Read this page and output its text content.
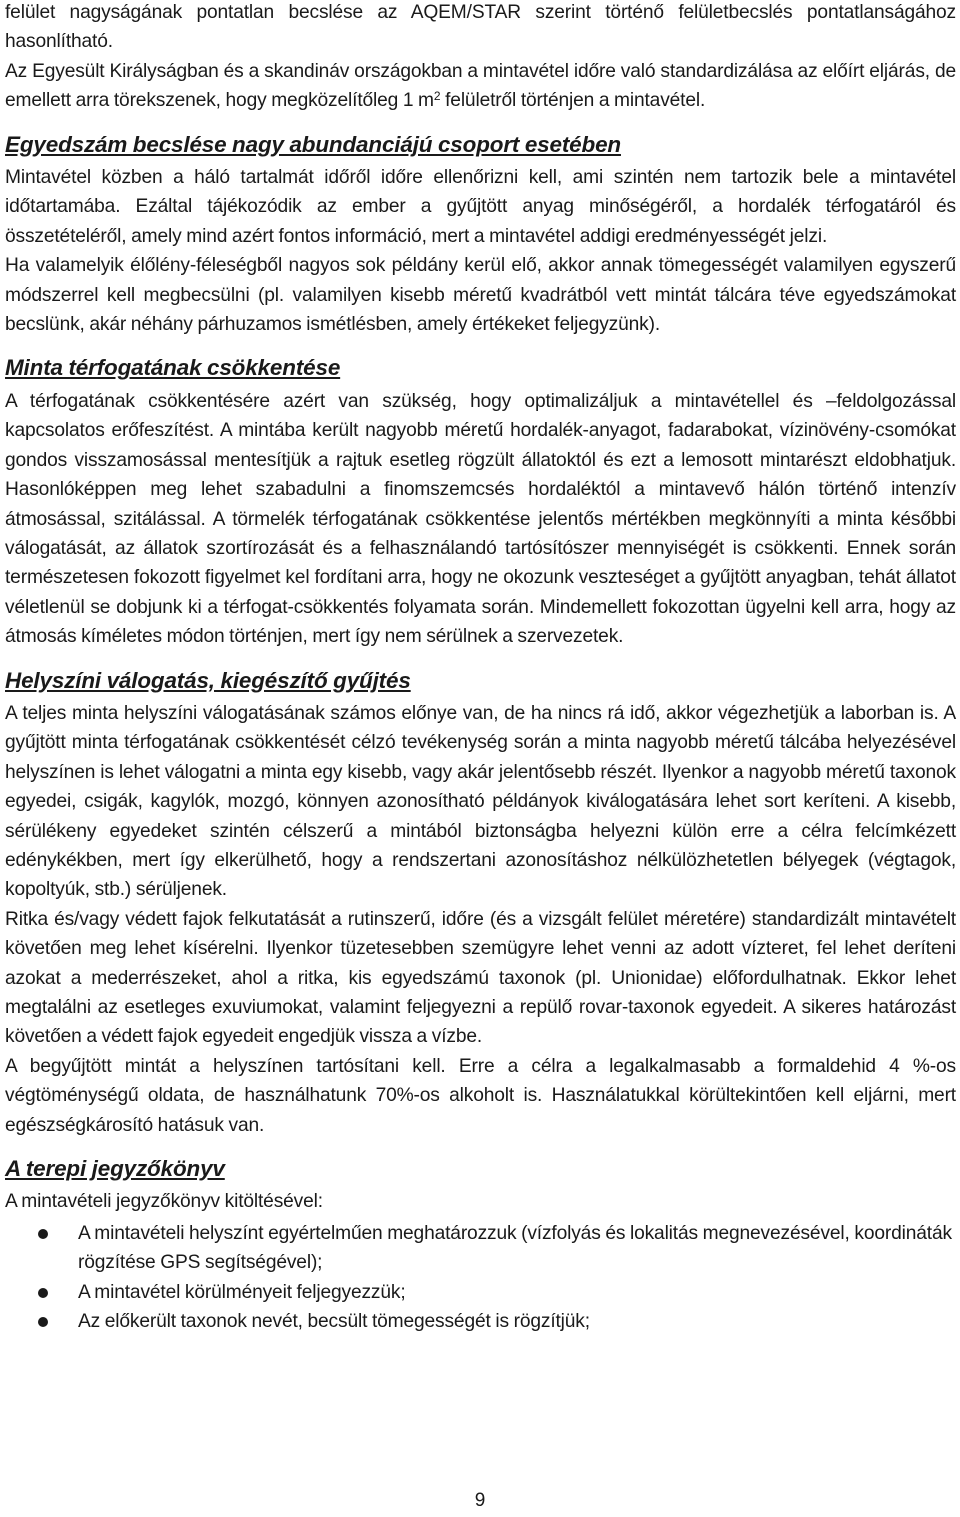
felület nagyságának pontatlan becslése az AQEM/STAR szerint történő felületbecslés pontatlanságához hasonlítható.

Az Egyesült Királyságban és a skandináv országokban a mintavétel időre való standardizálása az előírt eljárás, de emellett arra törekszenek, hogy megközelítőleg 1 $m^2$ felületről történjen a mintavétel.

Egyedszám becslése nagy abundanciájú csoport esetében

Mintavétel közben a háló tartalmát időről időre ellenőrizni kell, ami szintén nem tartozik bele a mintavétel időtartamába. Ezáltal tájékozódik az ember a gyűjtött anyag minőségéről, a hordalék térfogatáról és összetételéről, amely mind azért fontos információ, mert a mintavétel addigi eredményességét jelzi.

Ha valamelyik élőlény-féleségből nagyos sok példány kerül elő, akkor annak tömegességét valamilyen egyszerű módszerrel kell megbecsülni (pl. valamilyen kisebb méretű kvadrátból vett mintát tálcára téve egyedszámokat becslünk, akár néhány párhuzamos ismétlésben, amely értékeket feljegyzünk).

Minta térfogatának csökkentése

A térfogatának csökkentésére azért van szükség, hogy optimalizáljuk a mintavétellel és –feldolgozással kapcsolatos erőfeszítést. A mintába került nagyobb méretű hordalék-anyagot, fadarabokat, vízinövény-csomókat gondos visszamosással mentesítjük a rajtuk esetleg rögzült állatoktól és ezt a lemosott mintarészt eldobhatjuk. Hasonlóképpen meg lehet szabadulni a finomszemcsés hordaléktól a mintavevő hálón történő intenzív átmosással, szitálással. A törmelék térfogatának csökkentése jelentős mértékben megkönnyíti a minta későbbi válogatását, az állatok szortírozását és a felhasználandó tartósítószer mennyiségét is csökkenti. Ennek során természetesen fokozott figyelmet kel fordítani arra, hogy ne okozunk veszteséget a gyűjtött anyagban, tehát állatot véletlenül se dobjunk ki a térfogat-csökkentés folyamata során. Mindemellett fokozottan ügyelni kell arra, hogy az átmosás kíméletes módon történjen, mert így nem sérülnek a szervezetek.

Helyszíni válogatás, kiegészítő gyűjtés

A teljes minta helyszíni válogatásának számos előnye van, de ha nincs rá idő, akkor végezhetjük a laborban is. A gyűjtött minta térfogatának csökkentését célzó tevékenység során a minta nagyobb méretű tálcába helyezésével helyszínen is lehet válogatni a minta egy kisebb, vagy akár jelentősebb részét. Ilyenkor a nagyobb méretű taxonok egyedei, csigák, kagylók, mozgó, könnyen azonosítható példányok kiválogatására lehet sort keríteni. A kisebb, sérülékeny egyedeket szintén célszerű a mintából biztonságba helyezni külön erre a célra felcímkézett edénykékben, mert így elkerülhető, hogy a rendszertani azonosításhoz nélkülözhetetlen bélyegek (végtagok, kopoltyúk, stb.) sérüljenek.

Ritka és/vagy védett fajok felkutatását a rutinszerű, időre (és a vizsgált felület méretére) standardizált mintavételt követően meg lehet kísérelni. Ilyenkor tüzetesebben szemügyre lehet venni az adott vízteret, fel lehet deríteni azokat a mederrészeket, ahol a ritka, kis egyedszámú taxonok (pl. Unionidae) előfordulhatnak. Ekkor lehet megtalálni az esetleges exuviumokat, valamint feljegyezni a repülő rovar-taxonok egyedeit. A sikeres határozást követően a védett fajok egyedeit engedjük vissza a vízbe.

A begyűjtött mintát a helyszínen tartósítani kell. Erre a célra a legalkalmasabb a formaldehid 4 %-os végtöménységű oldata, de használhatunk 70%-os alkoholt is. Használatukkal körültekintően kell eljárni, mert egészségkárosító hatásuk van.

A terepi jegyzőkönyv

A mintavételi jegyzőkönyv kitöltésével:

A mintavételi helyszínt egyértelműen meghatározzuk (vízfolyás és lokalitás megnevezésével, koordináták rögzítése GPS segítségével);
A mintavétel körülményeit feljegyezzük;
Az előkerült taxonok nevét, becsült tömegességét is rögzítjük;
9
